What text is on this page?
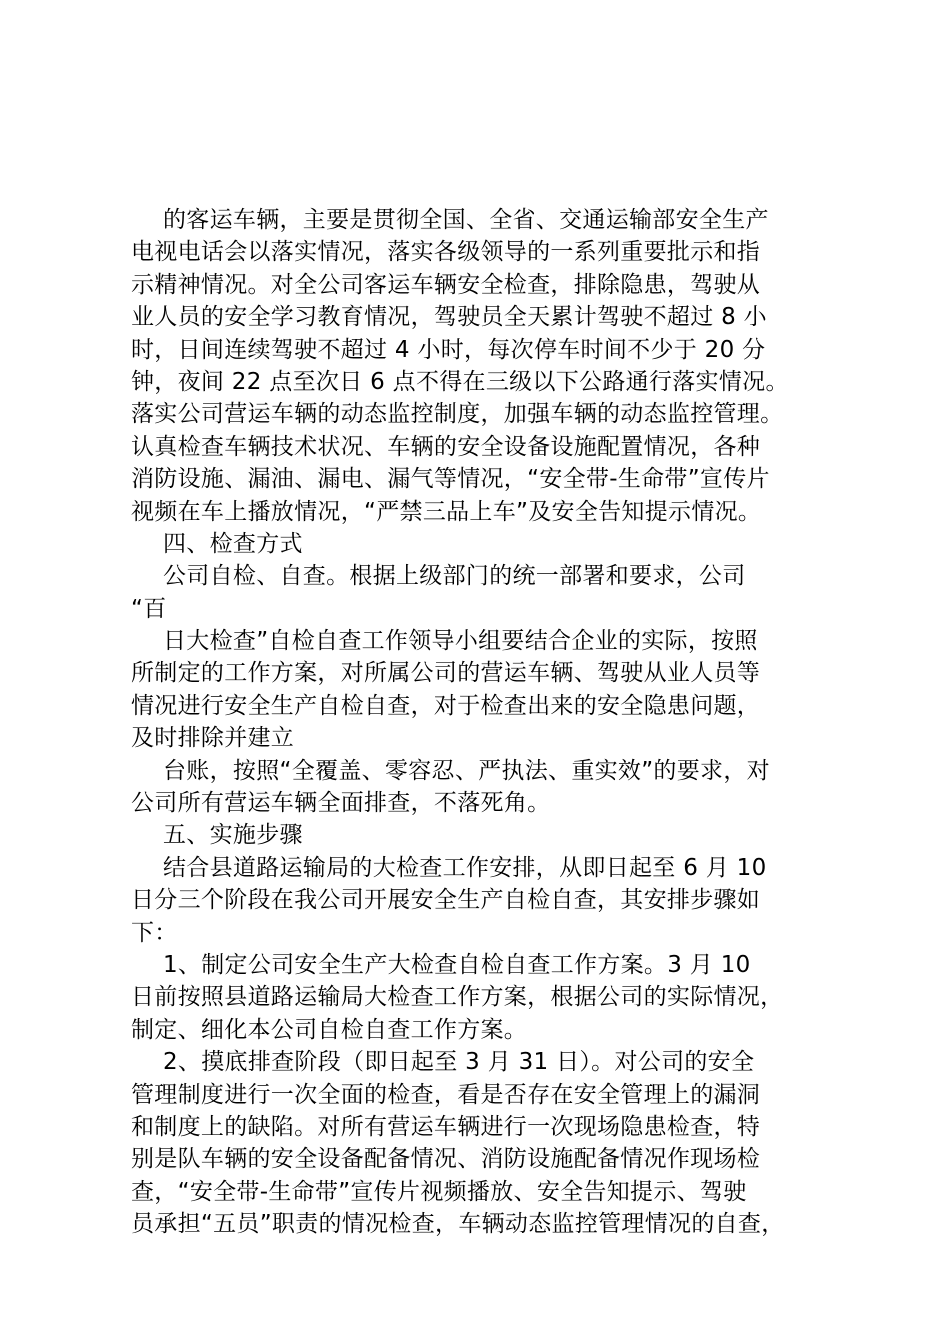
的客运车辆，主要是贯彻全国、全省、交通运输部安全生产
电视电话会以落实情况，落实各级领导的一系列重要批示和指
示精神情况。对全公司客运车辆安全检查，排除隐患，驾驶从
业人员的安全学习教育情况，驾驶员全天累计驾驶不超过 8 小
时，日间连续驾驶不超过 4 小时，每次停车时间不少于 20 分
钟，夜间 22 点至次日 6 点不得在三级以下公路通行落实情况。
落实公司营运车辆的动态监控制度，加强车辆的动态监控管理。
认真检查车辆技术状况、车辆的安全设备设施配置情况，各种
消防设施、漏油、漏电、漏气等情况，“安全带-生命带”宣传片
视频在车上播放情况，“严禁三品上车”及安全告知提示情况。
四、检查方式
公司自检、自查。根据上级部门的统一部署和要求，公司
“百
日大检查”自检自查工作领导小组要结合企业的实际，按照
所制定的工作方案，对所属公司的营运车辆、驾驶从业人员等
情况进行安全生产自检自查，对于检查出来的安全隐患问题，
及时排除并建立
台账，按照“全覆盖、零容忍、严执法、重实效”的要求，对
公司所有营运车辆全面排查，不落死角。
五、实施步骤
结合县道路运输局的大检查工作安排，从即日起至 6 月 10
日分三个阶段在我公司开展安全生产自检自查，其安排步骤如
下：
1、制定公司安全生产大检查自检自查工作方案。3 月 10
日前按照县道路运输局大检查工作方案，根据公司的实际情况，
制定、细化本公司自检自查工作方案。
2、摸底排查阶段（即日起至 3 月 31 日）。对公司的安全
管理制度进行一次全面的检查，看是否存在安全管理上的漏洞
和制度上的缺陷。对所有营运车辆进行一次现场隐患检查，特
别是队车辆的安全设备配备情况、消防设施配备情况作现场检
查，“安全带-生命带”宣传片视频播放、安全告知提示、驾驶
员承担“五员”职责的情况检查，车辆动态监控管理情况的自查，
